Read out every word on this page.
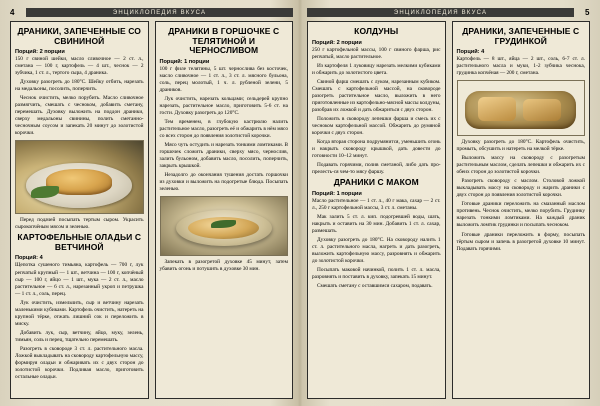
4	ЭНЦИКЛОПЕДИЯ ВКУСА
ДРАНИКИ, ЗАПЕЧЕННЫЕ СО СВИНИНОЙ
Порций: 2 порции
150 г свиной шейки, масло сливочное — 2 ст. л., сметана — 100 г, картофель — 4 шт., чеснок — 2 зубчика, 1 ст. л., тертого сыра, 4 драника.

Духовку разогреть до 180°С. Шейку отбить, нарезать на медальоны, посолить, поперчить.

Чеснок очистить, мелко порубить. Масло сливочное размягчить, смешать с чесноком, добавить сметану, перемешать. Духовку выложить на поддон драники, сверху медальоны свинины, полить сметанно-чесночным соусом и запекать 20 минут до золотистой корочки.

Перед подачей посыпать тертым сыром. Украсить сырокопчёным мясом и зеленью.

КАРТОФЕЛЬНЫЕ ОЛАДЬИ С ВЕТЧИНОЙ
Порций: 4
Щепотка сушеного тимьяна, картофель — 700 г, лук репчатый крупный — 1 шт., ветчина — 100 г, копчёный сыр — 100 г, яйцо — 1 шт., мука — 2 ст. л., масло растительное — 6 ст. л., нарезанный укроп и петрушка — 1 ст. л., соль, перец.

Лук очистить, измельчить, сыр и ветчину нарезать маленькими кубиками. Картофель очистить, натереть на крупной тёрке, отжать лишний сок и переложить в миску.

Добавить лук, сыр, ветчину, яйцо, муку, зелень, тимьян, соль и перец, тщательно перемешать.

Разогреть в сковороде 3 ст. л. растительного масла. Ложкой выкладывать на сковороду картофельную массу, формируя оладьи и обжаривать их с двух сторон до золотистой корочки. Подливая масло, приготовить остальные оладьи.

ДРАНИКИ В ГОРШОЧКЕ С ТЕЛЯТИНОЙ И ЧЕРНОСЛИВОМ
Порций: 1 порции
100 г филе телятины, 5 шт. чернослива без косточек, масло сливочное — 1 ст. л., 3 ст. л. мясного бульона, соль, перец молотый, 1 ч. л. рубленой зелени, 5 драников.

Лук очистить, нарезать кольцами; сельдерей крупно нарезать, растительное масло, приготовить 5-6 ст. на гости. Духовку разогреть до 120°С.

Тем временем, в глубокую кастрюлю налить растительное масло, разогреть её и обжарить в нём мясо со всех сторон до появления золотистой корочки.

Мясо чуть остудить и нарезать тонкими ломтиками. В горшочек сложить драники, сверху мясо, чернослив, залить бульоном, добавить масло, посолить, поперчить, закрыть крышкой.

Незадолго до окончания тушения достать горшочки из духовки и выложить на подогретые блюда. Посыпать зеленью.

Запекать в разогретой духовке 45 минут, затем убавить огонь и потушить в духовке 30 мин.

ЭНЦИКЛОПЕДИЯ ВКУСА	5
КОЛДУНЫ
Порций: 2 порции
250 г картофельной массы, 100 г свиного фарша, рис репчатый, масло растительное.

Из картофеля 1 луковицу нарезать мелкими кубиками и обжарить до золотистого цвета.

Свиной фарш смешать с луком, нарезанным кубиком. Смешать с картофельной массой, на сковороде разогреть растительное масло, выложить в него приготовленные из картофельно-мясной массы колдуны, разобрав их ложкой и дать обжариться с двух сторон.

Положить в сковороду лепешки фарша и смесь их с чесноком картофельной массой. Обжарить до румяной корочки с двух сторон.

Когда вторая сторона подрумянится, уменьшить огонь и накрыть сковороду крышкой, дать довести до готовности 10–12 минут.

Подавать горячими, полив сметаной, либо дать про-прелесть-ся чем-то мясу фаршу.

ДРАНИКИ С МАКОМ
Порций: 1 порции
Масло растительное — 1 ст. л., 40 г мака, сахар — 2 ст. л., 250 г картофельной массы, 3 ст. л. сметаны.

Мак залить 5 ст. л. кип. подогревшей воды, шать, накрыть и оставить на 30 мин. Добавить 1 ст. л. сахар, размешать.

Духовку разогреть до 180°С. На сковороду налить 1 ст. л. растительного масла, нагреть и дать разогреть, выложить картофельную массу, разровнять и обжарить до золотистой корочки.

Посыпать маковой начинкой, полить 1 ст. л. масла, разровнять и поставить в духовку, запекать 15 минут.

Смешать сметану с оставшимся сахаром, подавать.

ДРАНИКИ, ЗАПЕЧЕННЫЕ С ГРУДИНКОЙ
Порций: 4
Картофель — 8 шт., яйца — 2 шт., соль, 6-7 ст. л. растительного масла и муки, 1-2 зубчика чеснока, грудинка копчёная — 200 г, сметана.

Духовку разогреть до 180°С. Картофель очистить, промыть, обсушить и натереть на мелкой тёрке.

Выложить массу на сковороду с разогретым растительным маслом, сделать лепешки и обжарить их с обеих сторон до золотистой корочки.

Разогреть сковороду с маслом. Столовой ложкой выкладывать массу на сковороду и жарить драники с двух сторон до появления золотистой корочки.

Готовые драники переложить на смазанный маслом противень. Чеснок очистить, мелко порубить. Грудинку нарезать тонкими ломтиками. На каждый драник выложить ломтик грудинки и посыпать чесноком.

Готовые драники переложить в форму, посыпать тёртым сыром и запечь в разогретой духовке 10 минут. Подавать горячими.
